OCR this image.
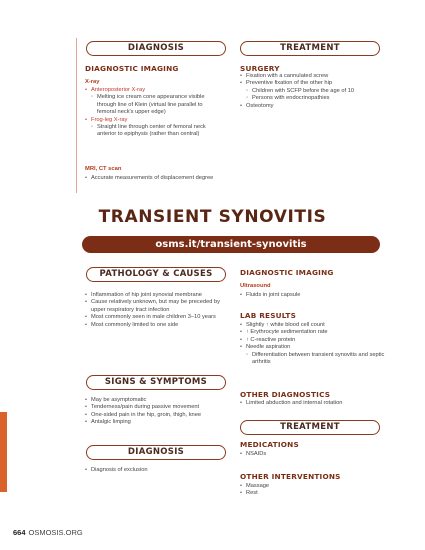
DIAGNOSIS
DIAGNOSTIC IMAGING
X-ray
• Anteroposterior X-ray
◦ Melting ice cream cone appearance visible through line of Klein (virtual line parallel to femoral neck's upper edge)
• Frog-leg X-ray
◦ Straight line through center of femoral neck anterior to epiphysis (rather than central)
MRI, CT scan
• Accurate measurements of displacement degree
TREATMENT
SURGERY
• Fixation with a cannulated screw
• Preventive fixation of the other hip
◦ Children with SCFP before the age of 10
◦ Persons with endocrinopathies
• Osteotomy
TRANSIENT SYNOVITIS
osms.it/transient-synovitis
PATHOLOGY & CAUSES
• Inflammation of hip joint synovial membrane
• Cause relatively unknown, but may be preceded by upper respiratory tract infection
• Most commonly seen in male children 3–10 years
• Most commonly limited to one side
SIGNS & SYMPTOMS
• May be asymptomatic
• Tenderness/pain during passive movement
• One-sided pain in the hip, groin, thigh, knee
• Antalgic limping
DIAGNOSIS
• Diagnosis of exclusion
DIAGNOSTIC IMAGING
Ultrasound
• Fluids in joint capsule
LAB RESULTS
• Slightly ↑ white blood cell count
• ↑ Erythrocyte sedimentation rate
• ↑ C-reactive protein
• Needle aspiration
◦ Differentiation between transient synovitis and septic arthritis
OTHER DIAGNOSTICS
• Limited abduction and internal rotation
TREATMENT
MEDICATIONS
• NSAIDs
OTHER INTERVENTIONS
• Massage
• Rest
664 OSMOSIS.ORG
